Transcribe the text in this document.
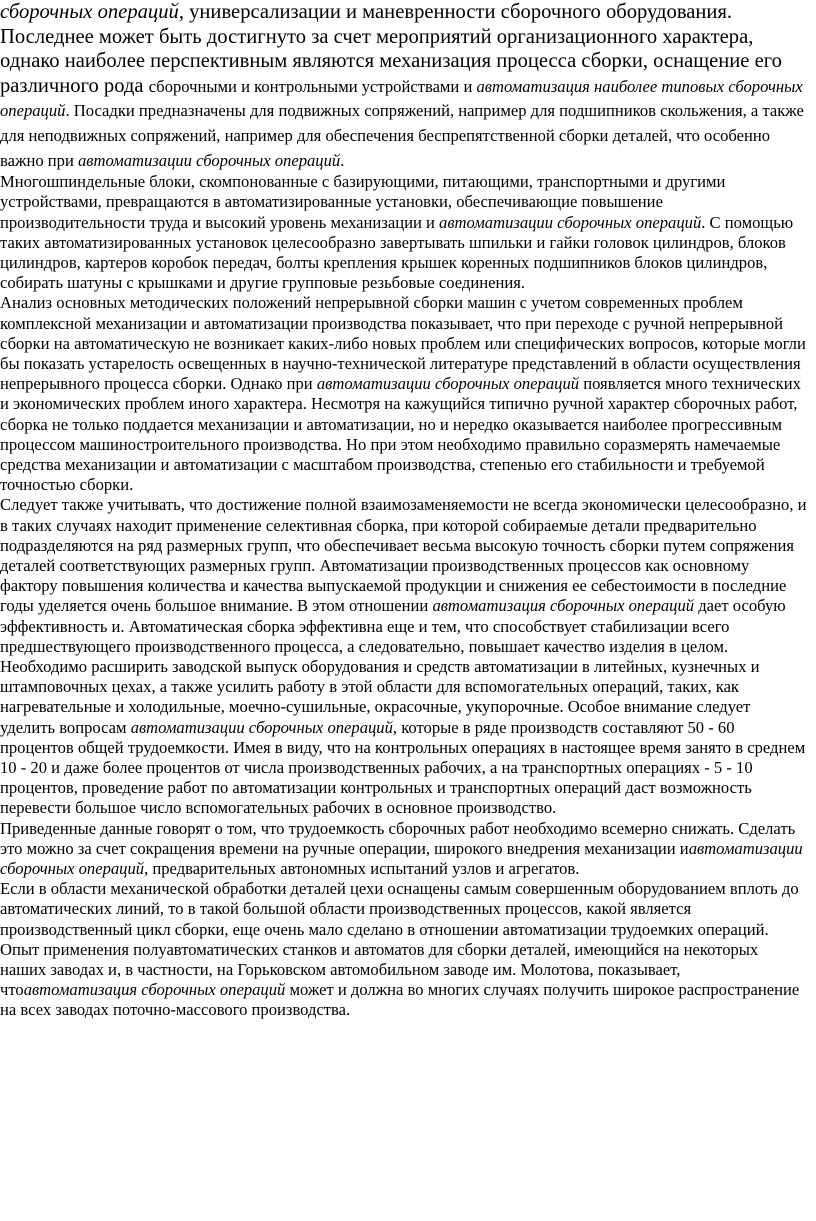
сборочных операций, универсализации и маневренности сборочного оборудования. Последнее может быть достигнуто за счет мероприятий организационного характера, однако наиболее перспективным являются механизация процесса сборки, оснащение его различного рода сборочными и контрольными устройствами и автоматизация наиболее типовых сборочных операций. Посадки предназначены для подвижных сопряжений, например для подшипников скольжения, а также для неподвижных сопряжений, например для обеспечения беспрепятственной сборки деталей, что особенно важно при автоматизации сборочных операций.

Многошпиндельные блоки, скомпонованные с базирующими, питающими, транспортными и другими устройствами, превращаются в автоматизированные установки, обеспечивающие повышение производительности труда и высокий уровень механизации и автоматизации сборочных операций. С помощью таких автоматизированных установок целесообразно завертывать шпильки и гайки головок цилиндров, блоков цилиндров, картеров коробок передач, болты крепления крышек коренных подшипников блоков цилиндров, собирать шатуны с крышками и другие групповые резьбовые соединения.

Анализ основных методических положений непрерывной сборки машин с учетом современных проблем комплексной механизации и автоматизации производства показывает, что при переходе с ручной непрерывной сборки на автоматическую не возникает каких-либо новых проблем или специфических вопросов, которые могли бы показать устарелость освещенных в научно-технической литературе представлений в области осуществления непрерывного процесса сборки. Однако при автоматизации сборочных операций появляется много технических и экономических проблем иного характера. Несмотря на кажущийся типично ручной характер сборочных работ, сборка не только поддается механизации и автоматизации, но и нередко оказывается наиболее прогрессивным процессом машиностроительного производства. Но при этом необходимо правильно соразмерять намечаемые средства механизации и автоматизации с масштабом производства, степенью его стабильности и требуемой точностью сборки.

Следует также учитывать, что достижение полной взаимозаменяемости не всегда экономически целесообразно, и в таких случаях находит применение селективная сборка, при которой собираемые детали предварительно подразделяются на ряд размерных групп, что обеспечивает весьма высокую точность сборки путем сопряжения деталей соответствующих размерных групп. Автоматизации производственных процессов как основному фактору повышения количества и качества выпускаемой продукции и снижения ее себестоимости в последние годы уделяется очень большое внимание. В этом отношении автоматизация сборочных операций дает особую эффективность и. Автоматическая сборка эффективна еще и тем, что способствует стабилизации всего предшествующего производственного процесса, а следовательно, повышает качество изделия в целом.

Необходимо расширить заводской выпуск оборудования и средств автоматизации в литейных, кузнечных и штамповочных цехах, а также усилить работу в этой области для вспомогательных операций, таких, как нагревательные и холодильные, моечно-сушильные, окрасочные, укупорочные. Особое внимание следует уделить вопросам автоматизации сборочных операций, которые в ряде производств составляют 50 - 60 процентов общей трудоемкости. Имея в виду, что на контрольных операциях в настоящее время занято в среднем 10 - 20 и даже более процентов от числа производственных рабочих, а на транспортных операциях - 5 - 10 процентов, проведение работ по автоматизации контрольных и транспортных операций даст возможность перевести большое число вспомогательных рабочих в основное производство.

Приведенные данные говорят о том, что трудоемкость сборочных работ необходимо всемерно снижать. Сделать это можно за счет сокращения времени на ручные операции, широкого внедрения механизации иавтоматизации сборочных операций, предварительных автономных испытаний узлов и агрегатов.

Если в области механической обработки деталей цехи оснащены самым совершенным оборудованием вплоть до автоматических линий, то в такой большой области производственных процессов, какой является производственный цикл сборки, еще очень мало сделано в отношении автоматизации трудоемких операций. Опыт применения полуавтоматических станков и автоматов для сборки деталей, имеющийся на некоторых наших заводах и, в частности, на Горьковском автомобильном заводе им. Молотова, показывает, чтоавтоматизация сборочных операций может и должна во многих случаях получить широкое распространение на всех заводах поточно-массового производства.
